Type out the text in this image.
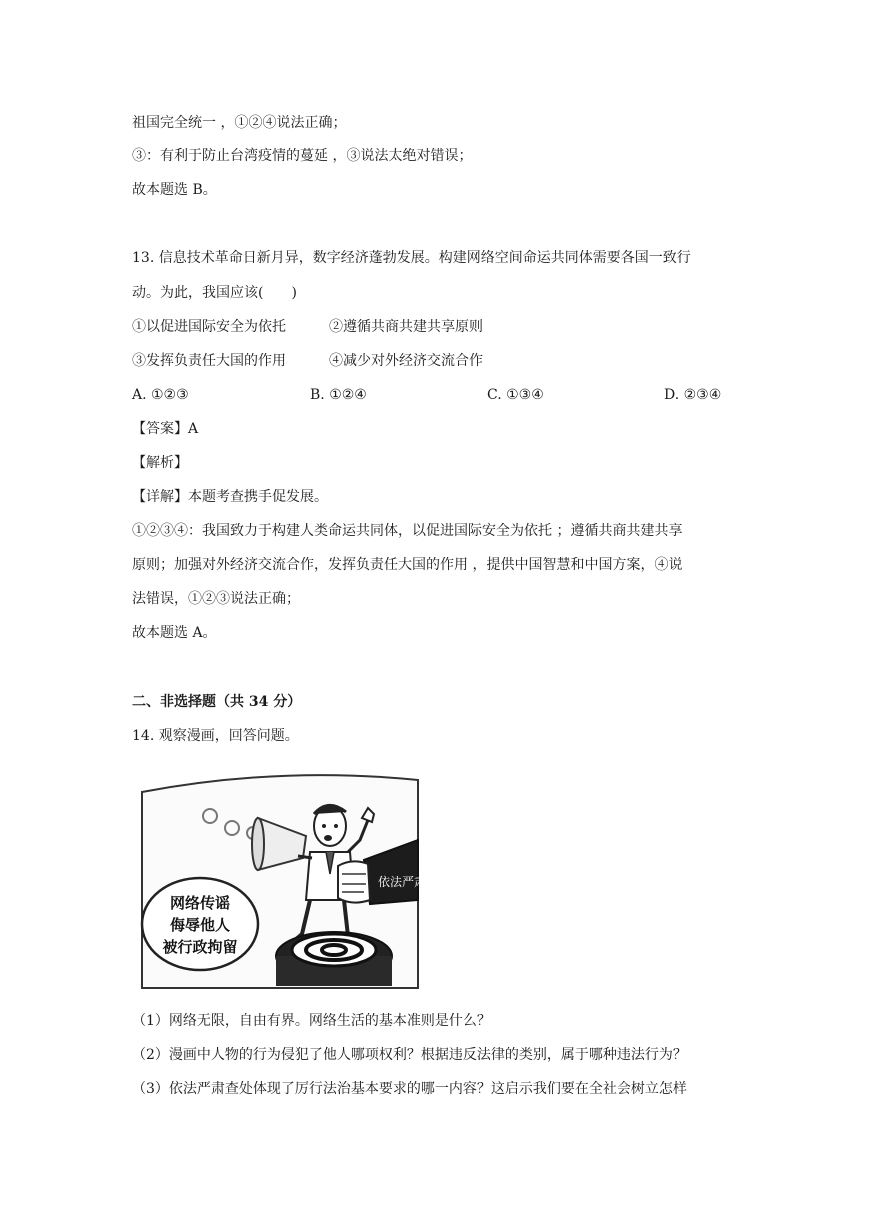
祖国完全统一 ，①②④说法正确；
③：有利于防止台湾疫情的蔓延 ，③说法太绝对错误；
故本题选 B。
13. 信息技术革命日新月异，数字经济蓬勃发展。构建网络空间命运共同体需要各国一致行
动。为此，我国应该(　　)
①以促进国际安全为依托	②遵循共商共建共享原则
③发挥负责任大国的作用	④减少对外经济交流合作
A. ①②③	B. ①②④	C. ①③④	D. ②③④
【答案】A
【解析】
【详解】本题考查携手促发展。
①②③④：我国致力于构建人类命运共同体，以促进国际安全为依托 ；遵循共商共建共享
原则；加强对外经济交流合作，发挥负责任大国的作用 ，提供中国智慧和中国方案，④说
法错误，①②③说法正确；
故本题选 A。
二、非选择题（共 34 分）
14. 观察漫画，回答问题。
依法严肃查处
网络传谣
侮辱他人
被行政拘留
（1）网络无限，自由有界。网络生活的基本准则是什么？
（2）漫画中人物的行为侵犯了他人哪项权利？根据违反法律的类别，属于哪种违法行为？
（3）依法严肃查处体现了厉行法治基本要求的哪一内容？这启示我们要在全社会树立怎样
